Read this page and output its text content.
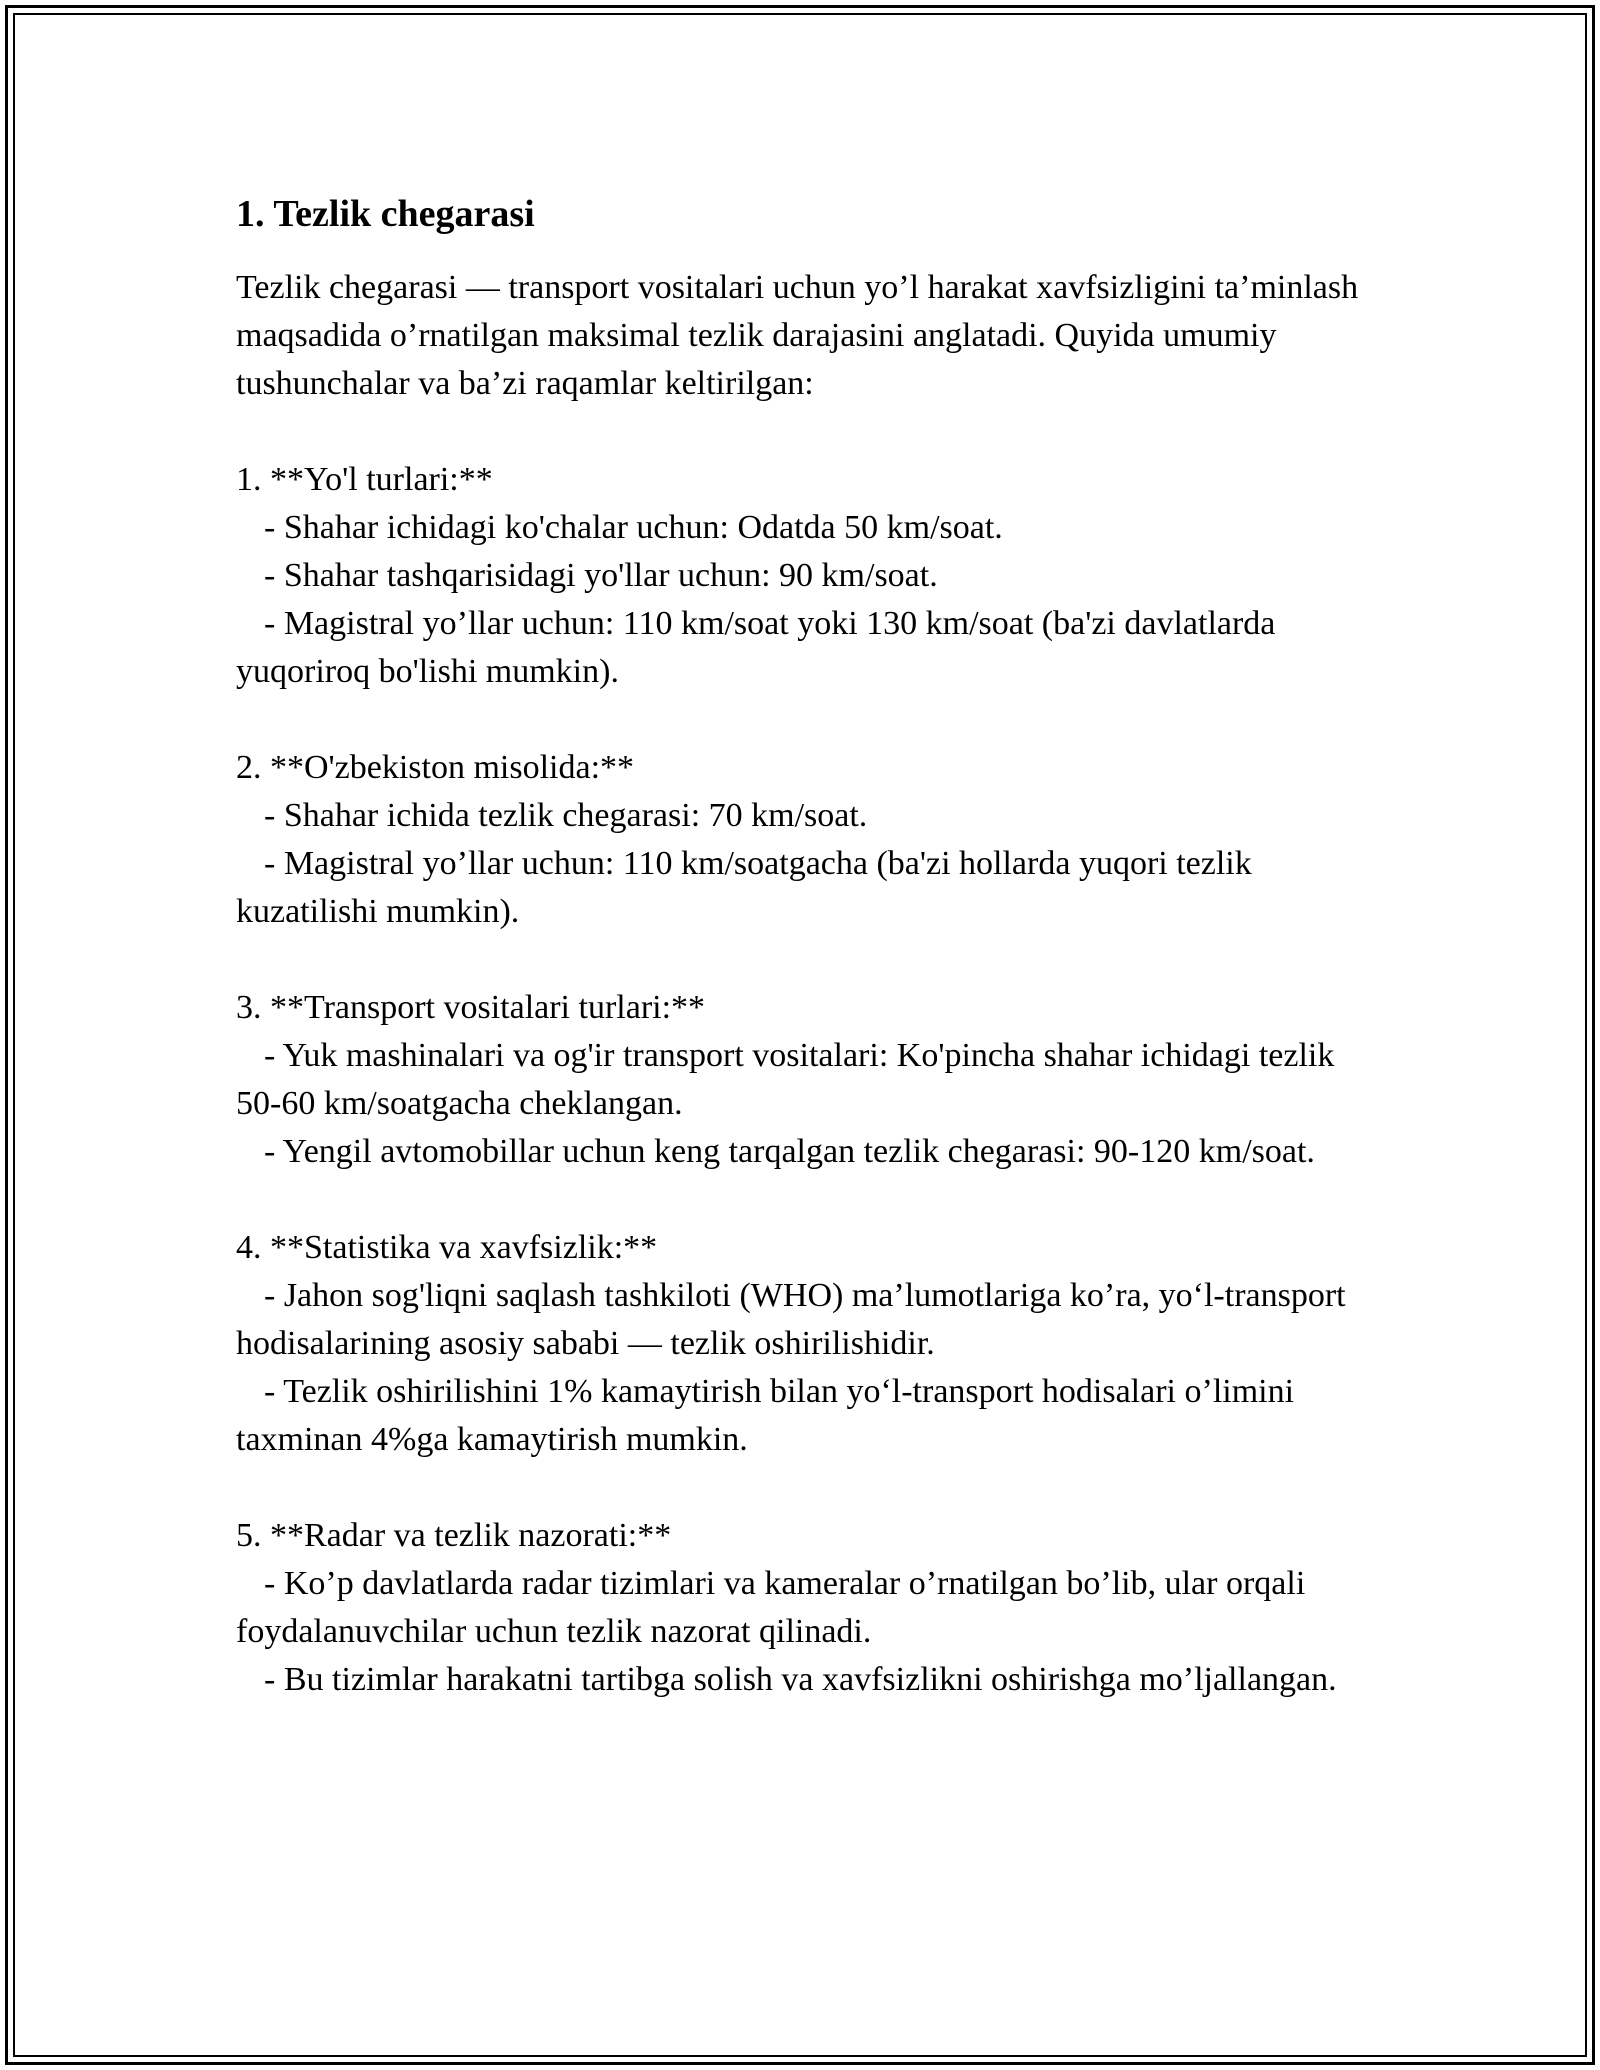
1. Tezlik chegarasi

Tezlik chegarasi — transport vositalari uchun yo’l harakat xavfsizligini ta’minlash maqsadida o’rnatilgan maksimal tezlik darajasini anglatadi. Quyida umumiy tushunchalar va ba’zi raqamlar keltirilgan:

1. **Yo'l turlari:**

- Shahar ichidagi ko'chalar uchun: Odatda 50 km/soat.

- Shahar tashqarisidagi yo'llar uchun: 90 km/soat.

- Magistral yo’llar uchun: 110 km/soat yoki 130 km/soat (ba'zi davlatlarda yuqoriroq bo'lishi mumkin).

2. **O'zbekiston misolida:**

- Shahar ichida tezlik chegarasi: 70 km/soat.

- Magistral yo’llar uchun: 110 km/soatgacha (ba'zi hollarda yuqori tezlik kuzatilishi mumkin).

3. **Transport vositalari turlari:**

- Yuk mashinalari va og'ir transport vositalari: Ko'pincha shahar ichidagi tezlik 50-60 km/soatgacha cheklangan.

- Yengil avtomobillar uchun keng tarqalgan tezlik chegarasi: 90-120 km/soat.

4. **Statistika va xavfsizlik:**

- Jahon sog'liqni saqlash tashkiloti (WHO) ma’lumotlariga ko’ra, yo‘l-transport hodisalarining asosiy sababi — tezlik oshirilishidir.

- Tezlik oshirilishini 1% kamaytirish bilan yo‘l-transport hodisalari o’limini taxminan 4%ga kamaytirish mumkin.

5. **Radar va tezlik nazorati:**

- Ko’p davlatlarda radar tizimlari va kameralar o’rnatilgan bo’lib, ular orqali foydalanuvchilar uchun tezlik nazorat qilinadi.

- Bu tizimlar harakatni tartibga solish va xavfsizlikni oshirishga mo’ljallangan.
